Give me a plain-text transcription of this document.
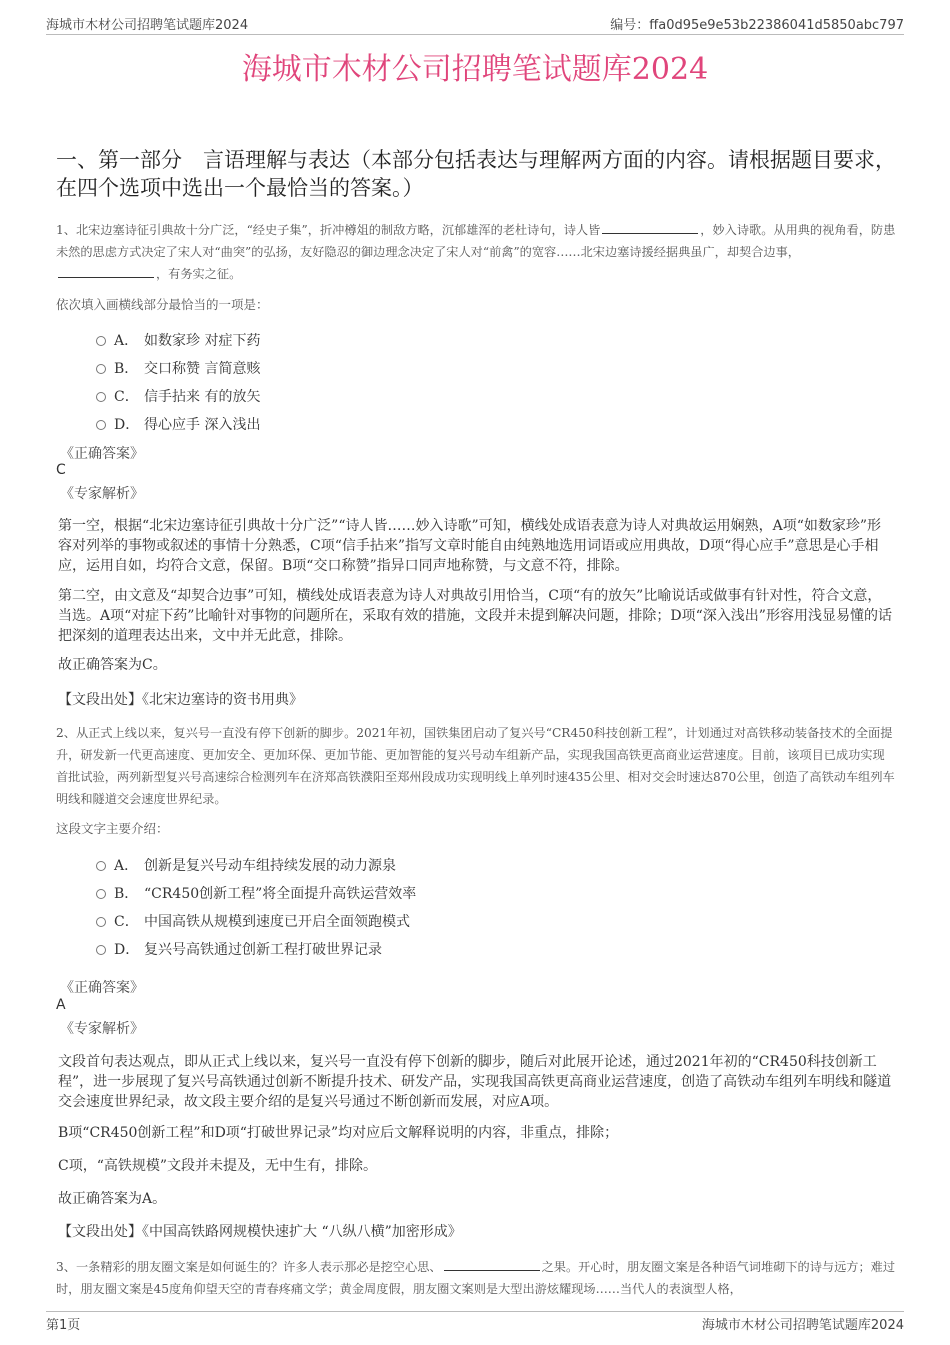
海城市木材公司招聘笔试题库2024	编号：ffa0d95e9e53b22386041d5850abc797
海城市木材公司招聘笔试题库2024
一、第一部分　言语理解与表达（本部分包括表达与理解两方面的内容。请根据题目要求，在四个选项中选出一个最恰当的答案。）
1、北宋边塞诗征引典故十分广泛，“经史子集”，折冲樽俎的制敌方略，沉郁雄浑的老杜诗句，诗人皆	，妙入诗歌。从用典的视角看，防患未然的思虑方式决定了宋人对“曲突”的弘扬，友好隐忍的御边理念决定了宋人对“前禽”的宽容……北宋边塞诗援经据典虽广，却契合边事，，有务实之征。
依次填入画横线部分最恰当的一项是：
A． 如数家珍 对症下药
B． 交口称赞 言简意赅
C． 信手拈来 有的放矢
D． 得心应手 深入浅出
《正确答案》
C
《专家解析》
第一空，根据“北宋边塞诗征引典故十分广泛”“诗人皆……妙入诗歌”可知，横线处成语表意为诗人对典故运用娴熟，A项“如数家珍”形容对列举的事物或叙述的事情十分熟悉，C项“信手拈来”指写文章时能自由纯熟地选用词语或应用典故，D项“得心应手”意思是心手相应，运用自如，均符合文意，保留。B项“交口称赞”指异口同声地称赞，与文意不符，排除。
第二空，由文意及“却契合边事”可知，横线处成语表意为诗人对典故引用恰当，C项“有的放矢”比喻说话或做事有针对性，符合文意，当选。A项“对症下药”比喻针对事物的问题所在，采取有效的措施，文段并未提到解决问题，排除；D项“深入浅出”形容用浅显易懂的话把深刻的道理表达出来，文中并无此意，排除。
故正确答案为C。
【文段出处】《北宋边塞诗的资书用典》
2、从正式上线以来，复兴号一直没有停下创新的脚步。2021年初，国铁集团启动了复兴号“CR450科技创新工程”，计划通过对高铁移动装备技术的全面提升，研发新一代更高速度、更加安全、更加环保、更加节能、更加智能的复兴号动车组新产品，实现我国高铁更高商业运营速度。目前，该项目已成功实现首批试验，两列新型复兴号高速综合检测列车在济郑高铁濮阳至郑州段成功实现明线上单列时速435公里、相对交会时速达870公里，创造了高铁动车组列车明线和隧道交会速度世界纪录。
这段文字主要介绍：
A． 创新是复兴号动车组持续发展的动力源泉
B． “CR450创新工程”将全面提升高铁运营效率
C． 中国高铁从规模到速度已开启全面领跑模式
D． 复兴号高铁通过创新工程打破世界记录
《正确答案》
A
《专家解析》
文段首句表达观点，即从正式上线以来，复兴号一直没有停下创新的脚步，随后对此展开论述，通过2021年初的“CR450科技创新工程”，进一步展现了复兴号高铁通过创新不断提升技术、研发产品，实现我国高铁更高商业运营速度，创造了高铁动车组列车明线和隧道交会速度世界纪录，故文段主要介绍的是复兴号通过不断创新而发展，对应A项。
B项“CR450创新工程”和D项“打破世界记录”均对应后文解释说明的内容，非重点，排除；
C项，“高铁规模”文段并未提及，无中生有，排除。
故正确答案为A。
【文段出处】《中国高铁路网规模快速扩大 “八纵八横”加密形成》
3、一条精彩的朋友圈文案是如何诞生的？许多人表示那必是挖空心思、	之果。开心时，朋友圈文案是各种语气词堆砌下的诗与远方；难过时，朋友圈文案是45度角仰望天空的青春疼痛文学；黄金周度假，朋友圈文案则是大型出游炫耀现场……当代人的表演型人格，
第1页	海城市木材公司招聘笔试题库2024
